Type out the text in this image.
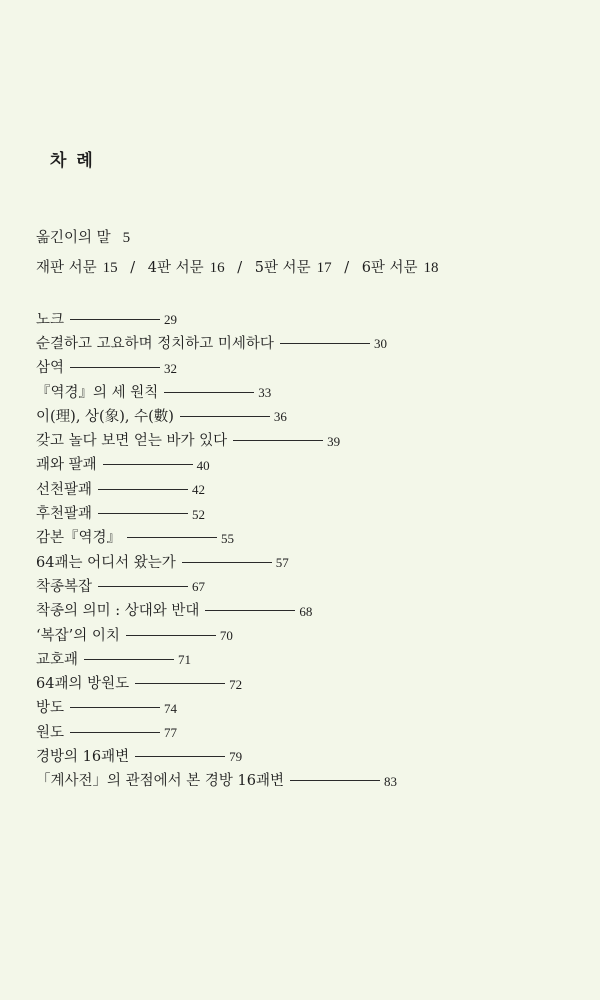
차 례
옮긴이의 말 5
재판 서문 15 / 4판 서문 16 / 5판 서문 17 / 6판 서문 18
노크	29
순결하고 고요하며 정치하고 미세하다	30
삼역	32
『역경』의 세 원칙	33
이(理), 상(象), 수(數)	36
갖고 놀다 보면 얻는 바가 있다	39
괘와 팔괘	40
선천팔괘	42
후천팔괘	52
감본『역경』	55
64괘는 어디서 왔는가	57
착종복잡	67
착종의 의미 : 상대와 반대	68
‘복잡’의 이치	70
교호괘	71
64괘의 방원도	72
방도	74
원도	77
경방의 16괘변	79
「계사전」의 관점에서 본 경방 16괘변	83
